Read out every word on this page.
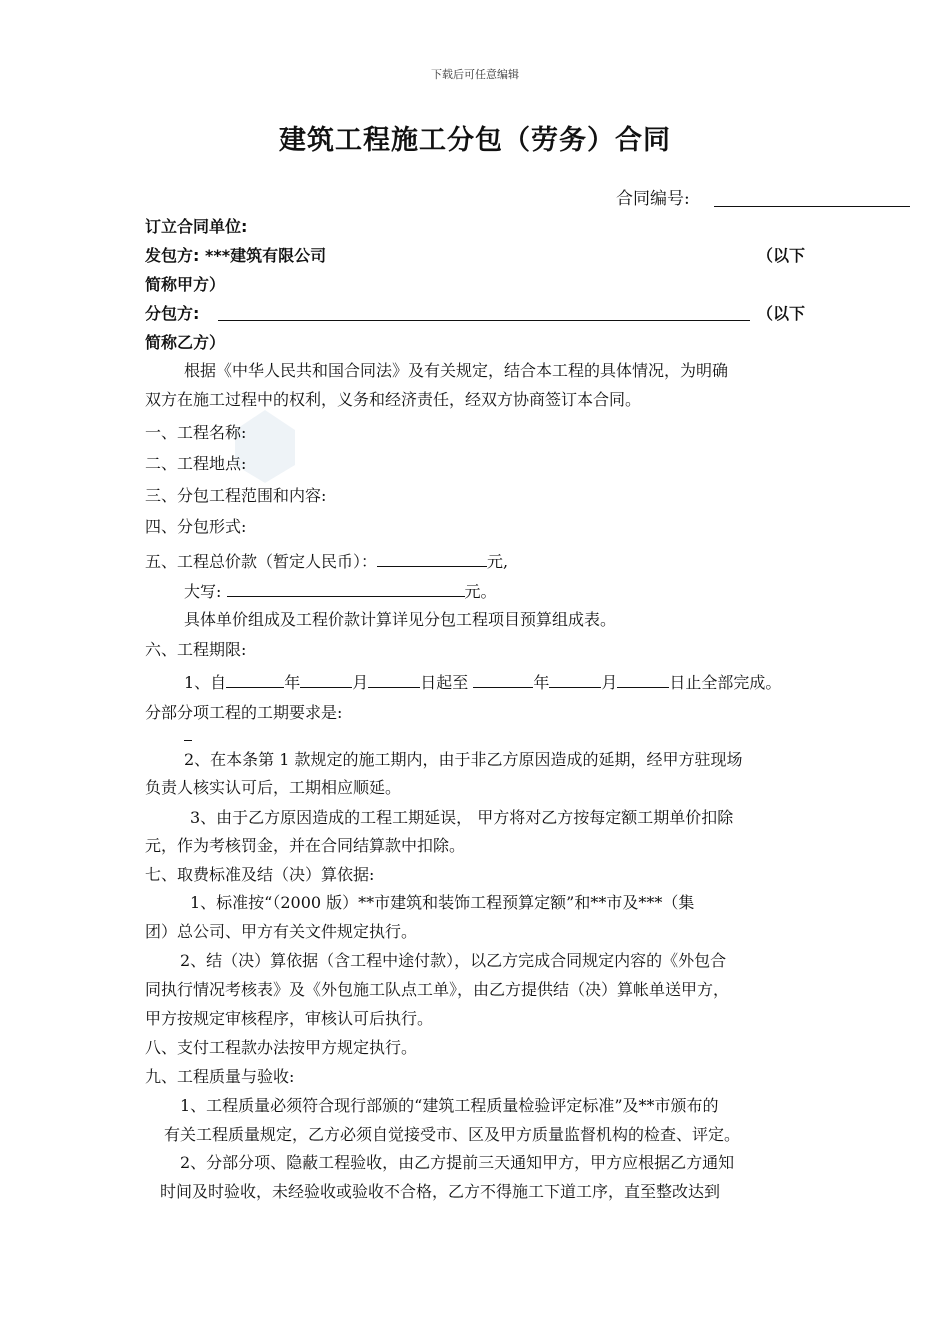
下载后可任意编辑
建筑工程施工分包（劳务）合同
合同编号:
订立合同单位:
发包方: ***建筑有限公司	（以下
简称甲方）
分包方:	（以下
简称乙方）
根据《中华人民共和国合同法》及有关规定，结合本工程的具体情况，为明确
双方在施工过程中的权利，义务和经济责任，经双方协商签订本合同。
一、工程名称:
二、工程地点:
三、分包工程范围和内容:
四、分包形式:
五、工程总价款（暂定人民币）：	元,
大写:	元。
具体单价组成及工程价款计算详见分包工程项目预算组成表。
六、工程期限:
1、自	年	月	日起至	年	月	日止全部完成。
分部分项工程的工期要求是:
2、在本条第 1 款规定的施工期内，由于非乙方原因造成的延期，经甲方驻现场
负责人核实认可后，工期相应顺延。
3、由于乙方原因造成的工程工期延误， 甲方将对乙方按每定额工期单价扣除
元，作为考核罚金，并在合同结算款中扣除。
七、取费标准及结（决）算依据:
1、标准按“（2000 版）**市建筑和装饰工程预算定额”和**市及***（集
团）总公司、甲方有关文件规定执行。
2、结（决）算依据（含工程中途付款），以乙方完成合同规定内容的《外包合
同执行情况考核表》及《外包施工队点工单》，由乙方提供结（决）算帐单送甲方，
甲方按规定审核程序，审核认可后执行。
八、支付工程款办法按甲方规定执行。
九、工程质量与验收:
1、工程质量必须符合现行部颁的“建筑工程质量检验评定标准”及**市颁布的
有关工程质量规定，乙方必须自觉接受市、区及甲方质量监督机构的检查、评定。
2、分部分项、隐蔽工程验收，由乙方提前三天通知甲方，甲方应根据乙方通知
时间及时验收，未经验收或验收不合格，乙方不得施工下道工序，直至整改达到
